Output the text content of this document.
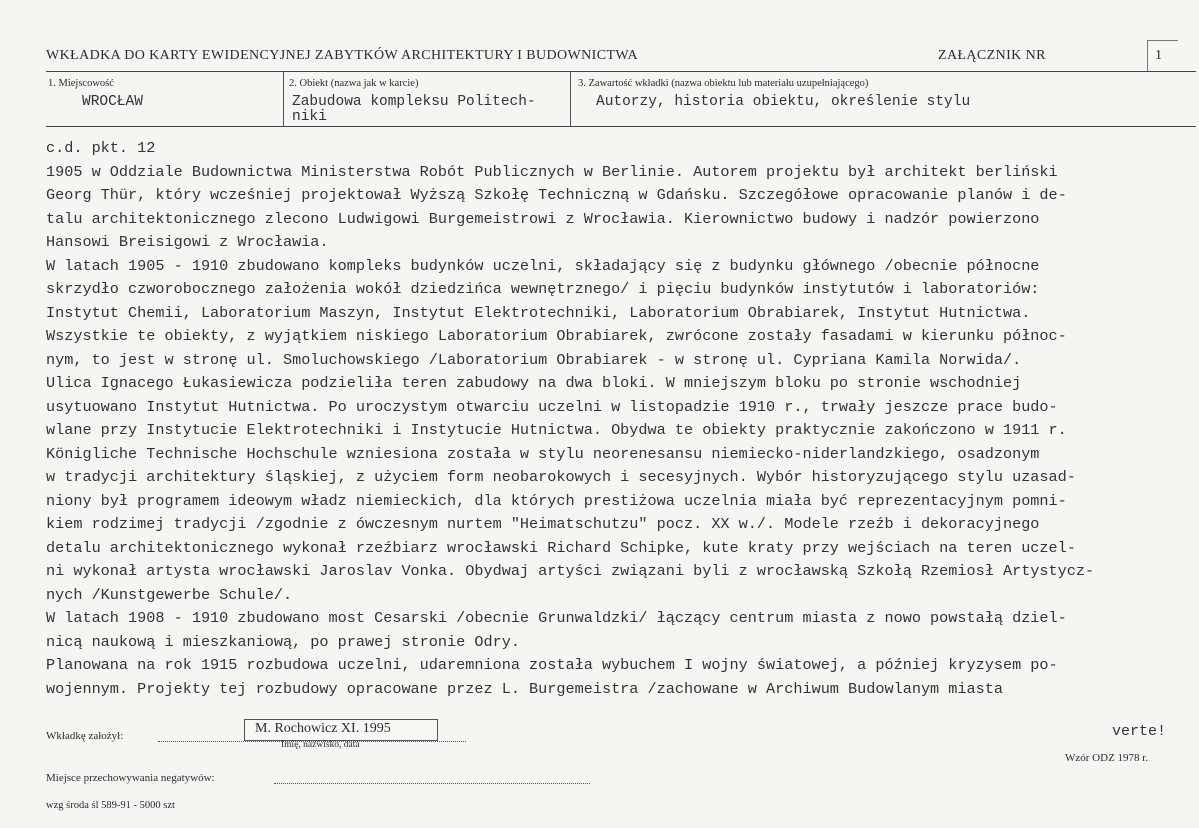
WKŁADKA DO KARTY EWIDENCYJNEJ ZABYTKÓW ARCHITEKTURY I BUDOWNICTWA	ZAŁĄCZNIK NR	1
1. Miejscowość
WROCŁAW
2. Obiekt (nazwa jak w karcie)
Zabudowa kompleksu Politech-
niki
3. Zawartość wkładki (nazwa obiektu lub materiału uzupełniającego)
Autorzy, historia obiektu, określenie stylu
c.d. pkt. 12
1905 w Oddziale Budownictwa Ministerstwa Robót Publicznych w Berlinie. Autorem projektu był architekt berliński
Georg Thür, który wcześniej projektował Wyższą Szkołę Techniczną w Gdańsku. Szczegółowe opracowanie planów i de-
talu architektonicznego zlecono Ludwigowi Burgemeistrowi z Wrocławia. Kierownictwo budowy i nadzór powierzono
Hansowi Breisigowi z Wrocławia.
W latach 1905 - 1910 zbudowano kompleks budynków uczelni, składający się z budynku głównego /obecnie północne
skrzydło czworobocznego założenia wokół dziedzińca wewnętrznego/ i pięciu budynków instytutów i laboratoriów:
Instytut Chemii, Laboratorium Maszyn, Instytut Elektrotechniki, Laboratorium Obrabiarek, Instytut Hutnictwa.
Wszystkie te obiekty, z wyjątkiem niskiego Laboratorium Obrabiarek, zwrócone zostały fasadami w kierunku północ-
nym, to jest w stronę ul. Smoluchowskiego /Laboratorium Obrabiarek - w stronę ul. Cypriana Kamila Norwida/.
Ulica Ignacego Łukasiewicza podzieliła teren zabudowy na dwa bloki. W mniejszym bloku po stronie wschodniej
usytuowano Instytut Hutnictwa. Po uroczystym otwarciu uczelni w listopadzie 1910 r., trwały jeszcze prace budo-
wlane przy Instytucie Elektrotechniki i Instytucie Hutnictwa. Obydwa te obiekty praktycznie zakończono w 1911 r.
Königliche Technische Hochschule wzniesiona została w stylu neorenesansu niemiecko-niderlandzkiego, osadzonym
w tradycji architektury śląskiej, z użyciem form neobarokowych i secesyjnych. Wybór historyzującego stylu uzasad-
niony był programem ideowym władz niemieckich, dla których prestiżowa uczelnia miała być reprezentacyjnym pomni-
kiem rodzimej tradycji /zgodnie z ówczesnym nurtem "Heimatschutzu" pocz. XX w./. Modele rzeźb i dekoracyjnego
detalu architektonicznego wykonał rzeźbiarz wrocławski Richard Schipke, kute kraty przy wejściach na teren uczel-
ni wykonał artysta wrocławski Jaroslav Vonka. Obydwaj artyści związani byli z wrocławską Szkołą Rzemiosł Artystycz-
nych /Kunstgewerbe Schule/.
W latach 1908 - 1910 zbudowano most Cesarski /obecnie Grunwaldzki/ łączący centrum miasta z nowo powstałą dziel-
nicą naukową i mieszkaniową, po prawej stronie Odry.
Planowana na rok 1915 rozbudowa uczelni, udaremniona została wybuchem I wojny światowej, a później kryzysem po-
wojennym. Projekty tej rozbudowy opracowane przez L. Burgemeistra /zachowane w Archiwum Budowlanym miasta
Wkładkę założył:	M. Rochowicz XI. 1995
Imię, nazwisko, data
verte!
Wzór ODZ 1978 r.
Miejsce przechowywania negatywów:
wzg środa śl 589-91 - 5000 szt
